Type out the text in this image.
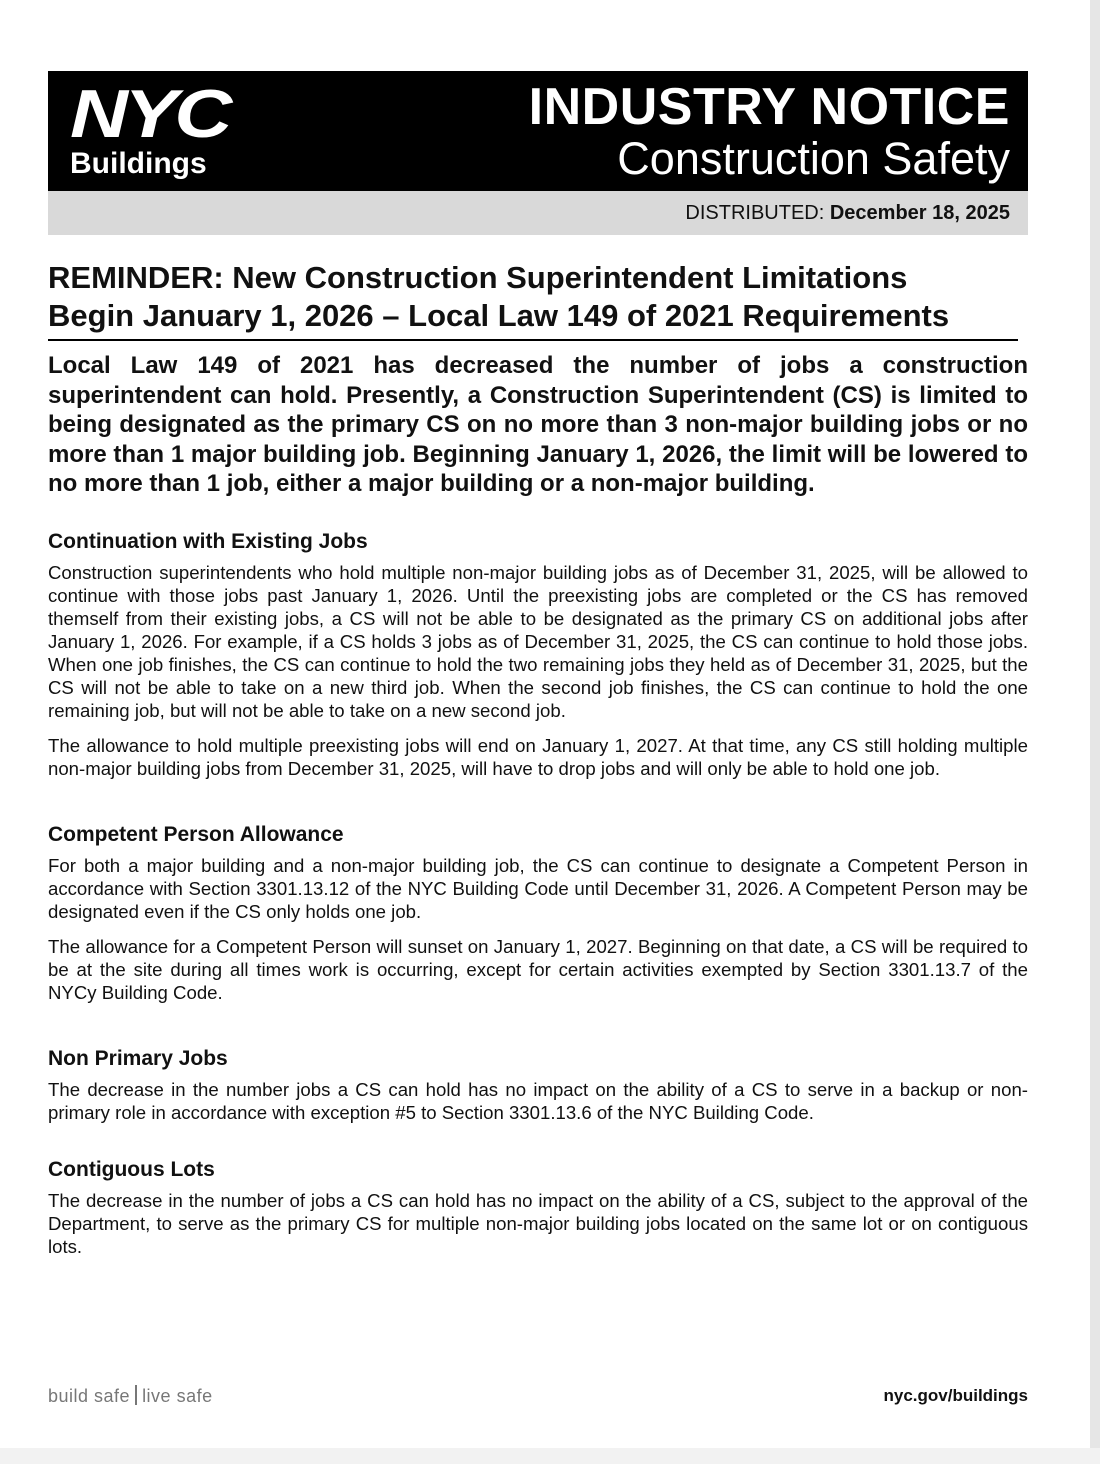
NYC
Buildings
INDUSTRY NOTICE
Construction Safety
DISTRIBUTED: December 18, 2025
REMINDER: New Construction Superintendent Limitations
Begin January 1, 2026 – Local Law 149 of 2021 Requirements

Local Law 149 of 2021 has decreased the number of jobs a construction superintendent can hold. Presently, a Construction Superintendent (CS) is limited to being designated as the primary CS on no more than 3 non-major building jobs or no more than 1 major building job. Beginning January 1, 2026, the limit will be lowered to no more than 1 job, either a major building or a non-major building.

Continuation with Existing Jobs

Construction superintendents who hold multiple non-major building jobs as of December 31, 2025, will be allowed to continue with those jobs past January 1, 2026. Until the preexisting jobs are completed or the CS has removed themself from their existing jobs, a CS will not be able to be designated as the primary CS on additional jobs after January 1, 2026. For example, if a CS holds 3 jobs as of December 31, 2025, the CS can continue to hold those jobs. When one job finishes, the CS can continue to hold the two remaining jobs they held as of December 31, 2025, but the CS will not be able to take on a new third job. When the second job finishes, the CS can continue to hold the one remaining job, but will not be able to take on a new second job.

The allowance to hold multiple preexisting jobs will end on January 1, 2027. At that time, any CS still holding multiple non-major building jobs from December 31, 2025, will have to drop jobs and will only be able to hold one job.

Competent Person Allowance

For both a major building and a non-major building job, the CS can continue to designate a Competent Person in accordance with Section 3301.13.12 of the NYC Building Code until December 31, 2026. A Competent Person may be designated even if the CS only holds one job.

The allowance for a Competent Person will sunset on January 1, 2027. Beginning on that date, a CS will be required to be at the site during all times work is occurring, except for certain activities exempted by Section 3301.13.7 of the NYCy Building Code.

Non Primary Jobs

The decrease in the number jobs a CS can hold has no impact on the ability of a CS to serve in a backup or non-primary role in accordance with exception #5 to Section 3301.13.6 of the NYC Building Code.

Contiguous Lots

The decrease in the number of jobs a CS can hold has no impact on the ability of a CS, subject to the approval of the Department, to serve as the primary CS for multiple non-major building jobs located on the same lot or on contiguous lots.

build safe live safe	nyc.gov/buildings
